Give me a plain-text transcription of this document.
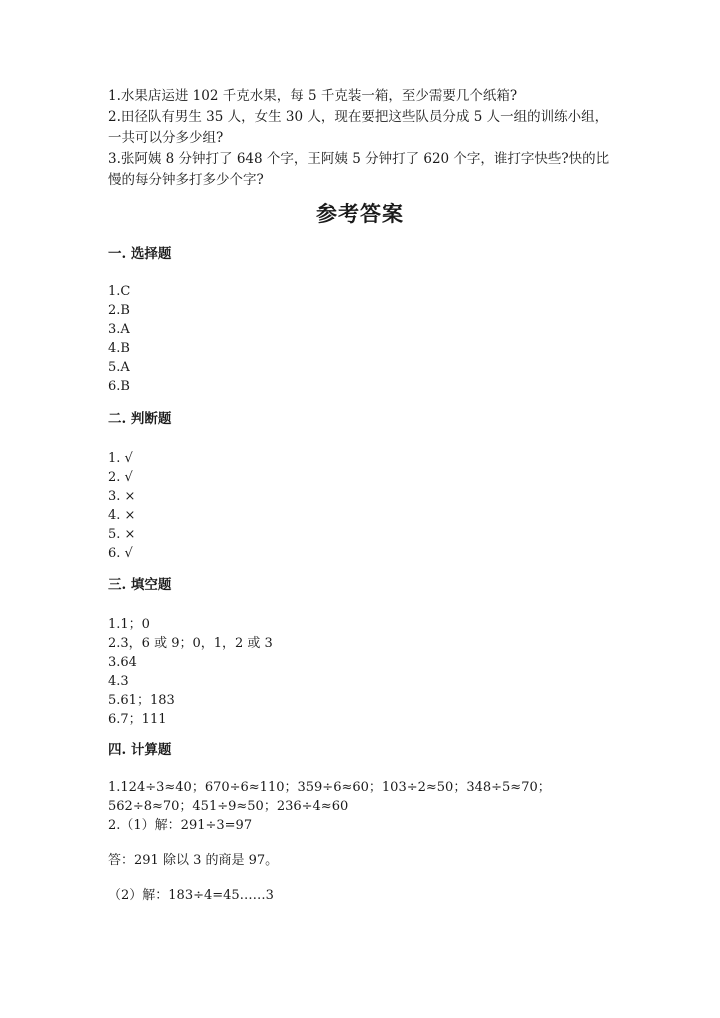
1.水果店运进 102 千克水果，每 5 千克装一箱，至少需要几个纸箱?

2.田径队有男生 35 人，女生 30 人，现在要把这些队员分成 5 人一组的训练小组，一共可以分多少组?

3.张阿姨 8 分钟打了 648 个字，王阿姨 5 分钟打了 620 个字，谁打字快些?快的比慢的每分钟多打多少个字?

参考答案
一. 选择题
1.C
2.B
3.A
4.B
5.A
6.B
二. 判断题
1. √
2. √
3. ×
4. ×
5. ×
6. √
三. 填空题
1.1；0
2.3，6 或 9；0，1，2 或 3
3.64
4.3
5.61；183
6.7；111
四. 计算题

1.124÷3≈40；670÷6≈110；359÷6≈60；103÷2≈50；348÷5≈70；

562÷8≈70；451÷9≈50；236÷4≈60

2.（1）解：291÷3=97

答：291 除以 3 的商是 97。

（2）解：183÷4=45……3
